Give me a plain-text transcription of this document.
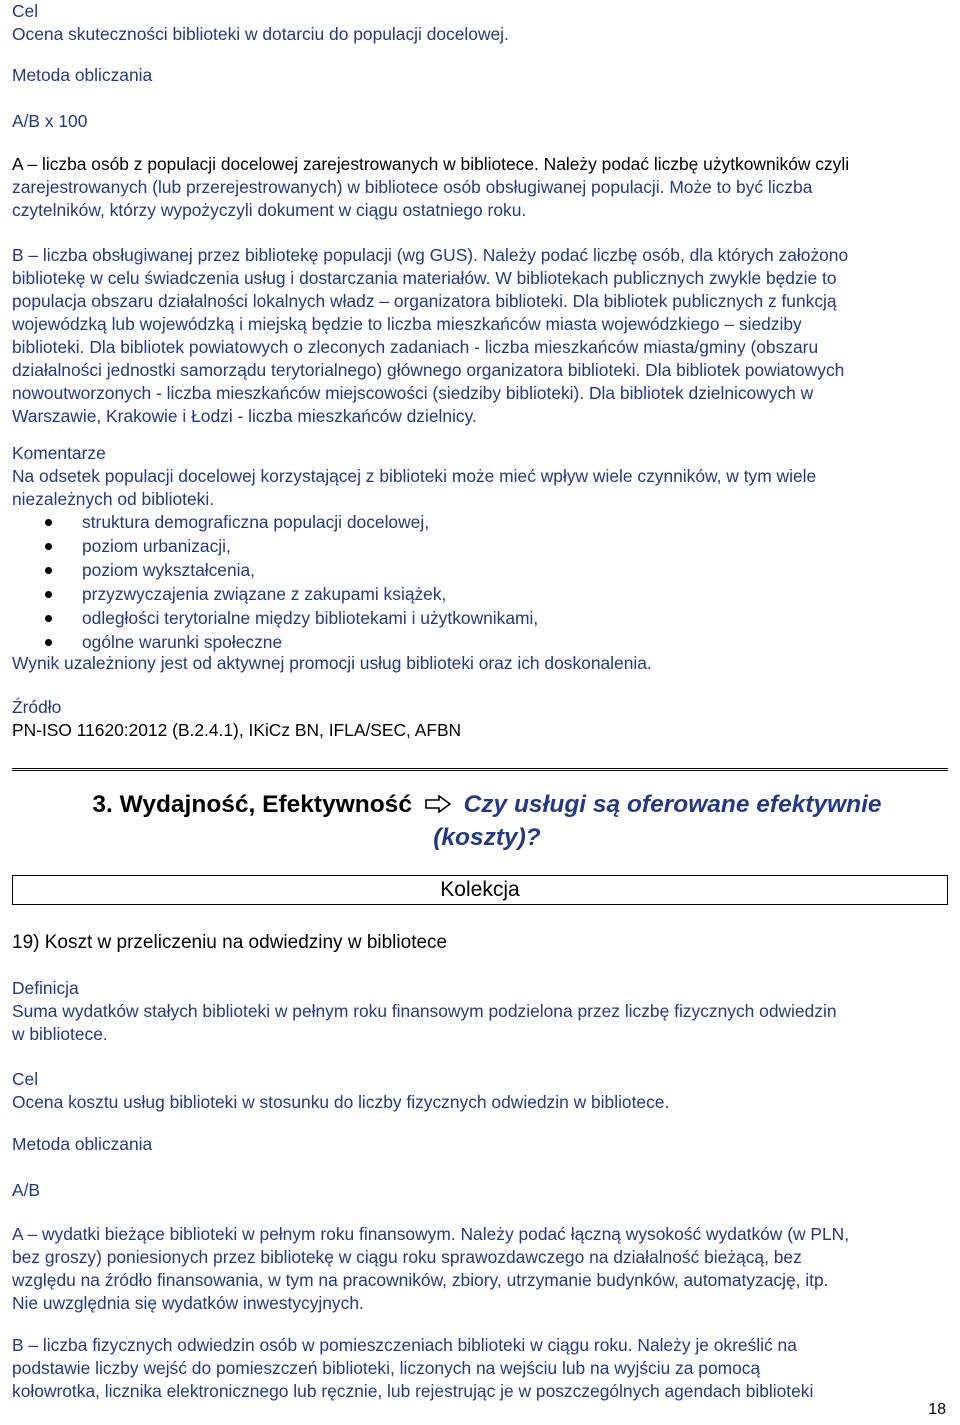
Cel

Ocena skuteczności biblioteki w dotarciu do populacji docelowej.

Metoda obliczania

A/B x 100

A – liczba osób z populacji docelowej zarejestrowanych w bibliotece. Należy podać liczbę użytkowników czyli

zarejestrowanych (lub przerejestrowanych) w bibliotece osób obsługiwanej populacji. Może to być liczba

czytelników, którzy wypożyczyli dokument w ciągu ostatniego roku.

B – liczba obsługiwanej przez bibliotekę populacji (wg GUS). Należy podać liczbę osób, dla których założono

bibliotekę w celu świadczenia usług i dostarczania materiałów. W bibliotekach publicznych zwykle będzie to

populacja obszaru działalności lokalnych władz – organizatora biblioteki. Dla bibliotek publicznych z funkcją

wojewódzką lub wojewódzką i miejską będzie to liczba mieszkańców miasta wojewódzkiego – siedziby

biblioteki. Dla bibliotek powiatowych o zleconych zadaniach - liczba mieszkańców miasta/gminy (obszaru

działalności jednostki samorządu terytorialnego) głównego organizatora biblioteki. Dla bibliotek powiatowych

nowoutworzonych - liczba mieszkańców miejscowości (siedziby biblioteki). Dla bibliotek dzielnicowych w

Warszawie, Krakowie i Łodzi - liczba mieszkańców dzielnicy.

Komentarze

Na odsetek populacji docelowej korzystającej z biblioteki może mieć wpływ wiele czynników, w tym wiele

niezależnych od biblioteki.

struktura demograficzna populacji docelowej,
poziom urbanizacji,
poziom wykształcenia,
przyzwyczajenia związane z zakupami książek,
odległości terytorialne między bibliotekami i użytkownikami,
ogólne warunki społeczne

Wynik uzależniony jest od aktywnej promocji usług biblioteki oraz ich doskonalenia.

Źródło

PN-ISO 11620:2012 (B.2.4.1), IKiCz BN, IFLA/SEC, AFBN

3. Wydajność, Efektywność Czy usługi są oferowane efektywnie
(koszty)?
Kolekcja
19) Koszt w przeliczeniu na odwiedziny w bibliotece

Definicja

Suma wydatków stałych biblioteki w pełnym roku finansowym podzielona przez liczbę fizycznych odwiedzin

w bibliotece.

Cel

Ocena kosztu usług biblioteki w stosunku do liczby fizycznych odwiedzin w bibliotece.

Metoda obliczania

A/B

A – wydatki bieżące biblioteki w pełnym roku finansowym. Należy podać łączną wysokość wydatków (w PLN,

bez groszy) poniesionych przez bibliotekę w ciągu roku sprawozdawczego na działalność bieżącą, bez

względu na źródło finansowania, w tym na pracowników, zbiory, utrzymanie budynków, automatyzację, itp.

Nie uwzględnia się wydatków inwestycyjnych.

B – liczba fizycznych odwiedzin osób w pomieszczeniach biblioteki w ciągu roku. Należy je określić na

podstawie liczby wejść do pomieszczeń biblioteki, liczonych na wejściu lub na wyjściu za pomocą

kołowrotka, licznika elektronicznego lub ręcznie, lub rejestrując je w poszczególnych agendach biblioteki

18
